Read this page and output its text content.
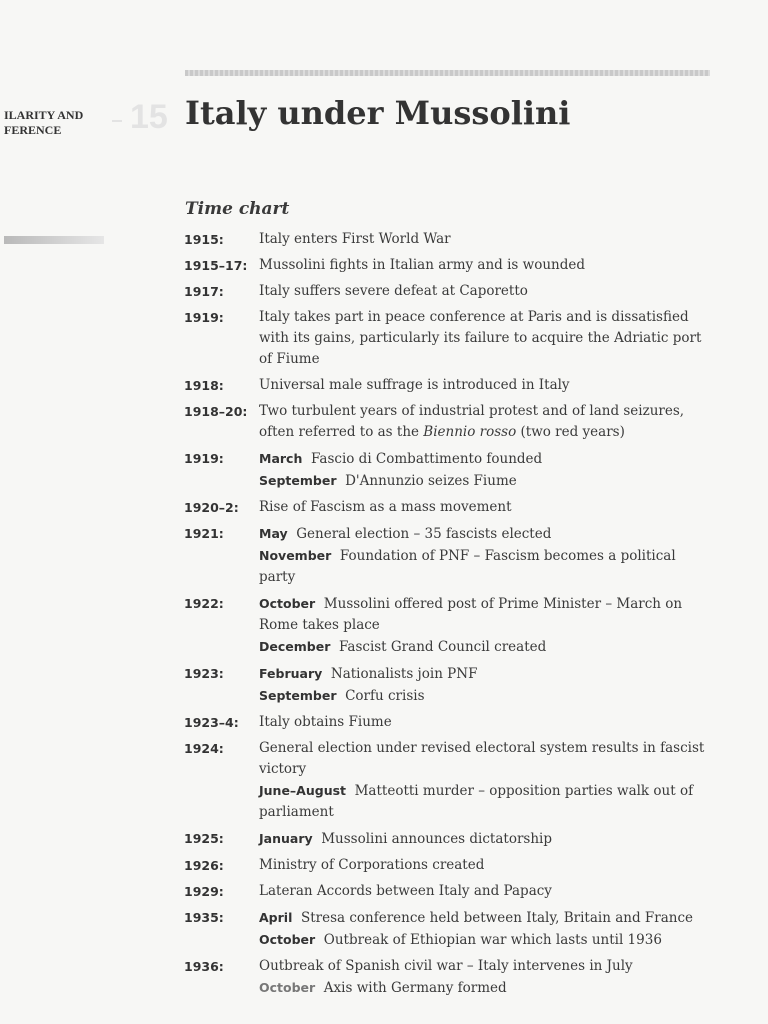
ILARITY AND
FERENCE	15 Italy under Mussolini
Time chart
1915:	Italy enters First World War
1915–17: Mussolini fights in Italian army and is wounded
1917:	Italy suffers severe defeat at Caporetto
1919:	Italy takes part in peace conference at Paris and is dissatisfied with its gains, particularly its failure to acquire the Adriatic port of Fiume
1918:	Universal male suffrage is introduced in Italy
1918–20: Two turbulent years of industrial protest and of land seizures, often referred to as the Biennio rosso (two red years)
1919:	March Fascio di Combattimento founded
September D'Annunzio seizes Fiume
1920–2:	Rise of Fascism as a mass movement
1921:	May General election – 35 fascists elected
November Foundation of PNF – Fascism becomes a political party
1922:	October Mussolini offered post of Prime Minister – March on Rome takes place
December Fascist Grand Council created
1923:	February Nationalists join PNF
September Corfu crisis
1923–4:	Italy obtains Fiume
1924:	General election under revised electoral system results in fascist victory
June–August Matteotti murder – opposition parties walk out of parliament
1925:	January Mussolini announces dictatorship
1926:	Ministry of Corporations created
1929:	Lateran Accords between Italy and Papacy
1935:	April Stresa conference held between Italy, Britain and France
October Outbreak of Ethiopian war which lasts until 1936
1936:	Outbreak of Spanish civil war – Italy intervenes in July
October Axis with Germany formed
